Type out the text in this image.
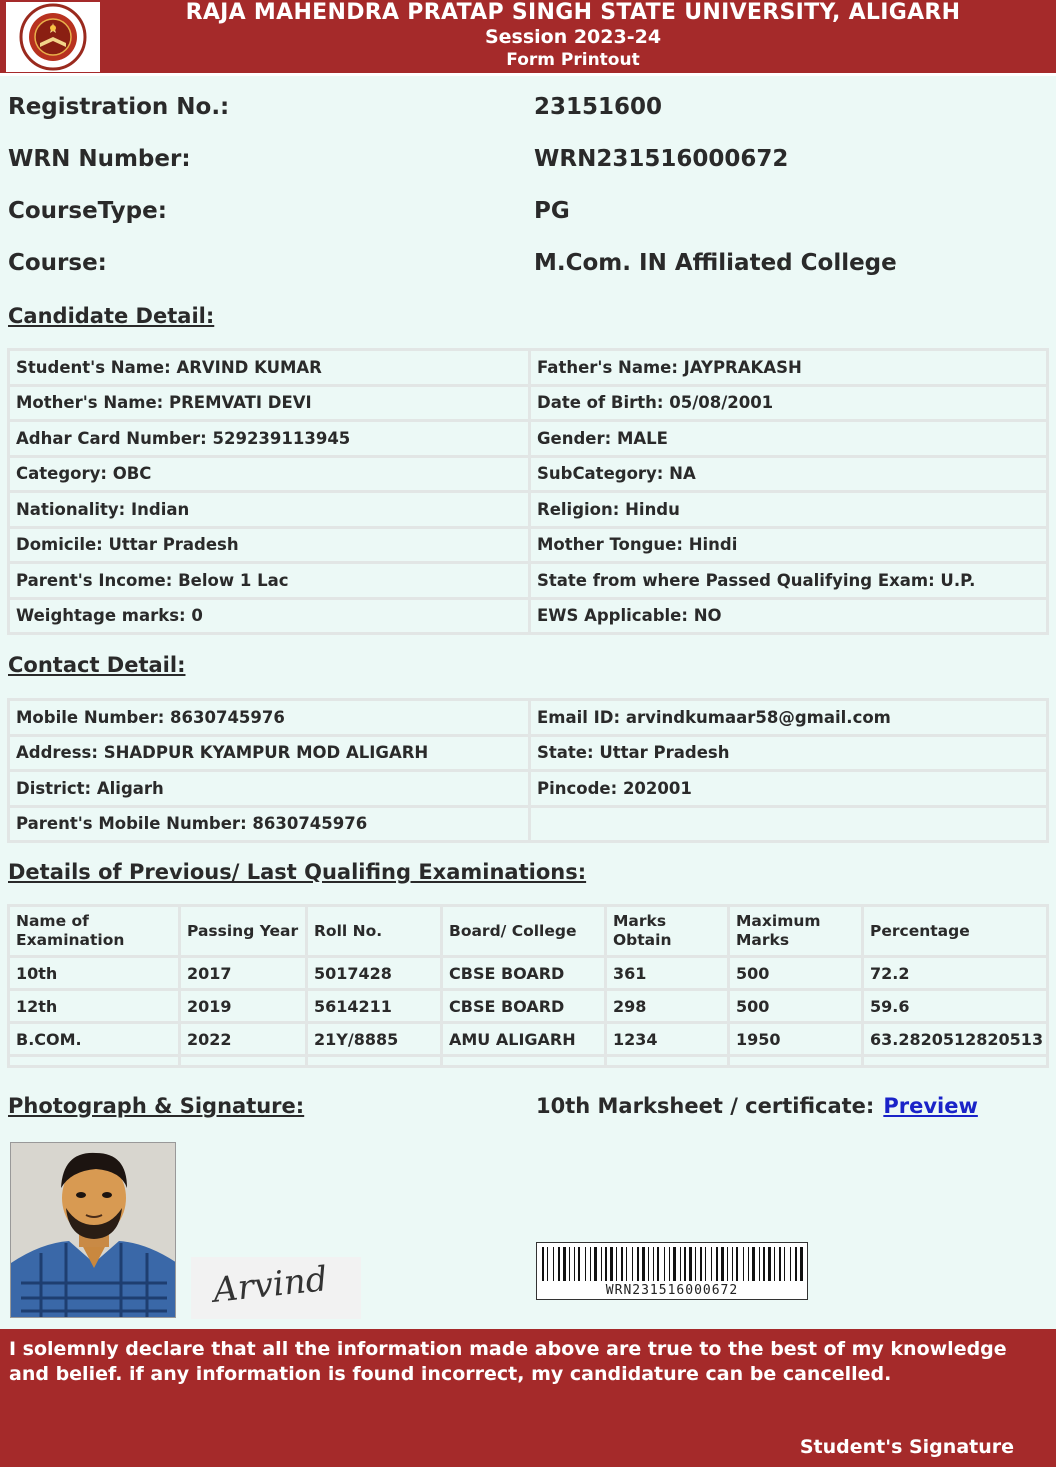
RAJA MAHENDRA PRATAP SINGH STATE UNIVERSITY, ALIGARH
Session 2023-24
Form Printout
Registration No.:	23151600
WRN Number:	WRN231516000672
CourseType:	PG
Course:	M.Com. IN Affiliated College
Candidate Detail:
Student's Name: ARVIND KUMAR	Father's Name: JAYPRAKASH
Mother's Name: PREMVATI DEVI	Date of Birth: 05/08/2001
Adhar Card Number: 529239113945	Gender: MALE
Category: OBC	SubCategory: NA
Nationality: Indian	Religion: Hindu
Domicile: Uttar Pradesh	Mother Tongue: Hindi
Parent's Income: Below 1 Lac	State from where Passed Qualifying Exam: U.P.
Weightage marks: 0	EWS Applicable: NO
Contact Detail:
Mobile Number: 8630745976	Email ID: arvindkumaar58@gmail.com
Address: SHADPUR KYAMPUR MOD ALIGARH	State: Uttar Pradesh
District: Aligarh	Pincode: 202001
Parent's Mobile Number: 8630745976	
Details of Previous/ Last Qualifing Examinations:
Name of Examination	Passing Year	Roll No.	Board/ College	Marks Obtain	Maximum Marks	Percentage
10th	2017	5017428	CBSE BOARD	361	500	72.2
12th	2019	5614211	CBSE BOARD	298	500	59.6
B.COM.	2022	21Y/8885	AMU ALIGARH	1234	1950	63.2820512820513

Photograph & Signature:	10th Marksheet / certificate: Preview
Arvind	WRN231516000672
I solemnly declare that all the information made above are true to the best of my knowledge and belief. if any information is found incorrect, my candidature can be cancelled.
Student's Signature
